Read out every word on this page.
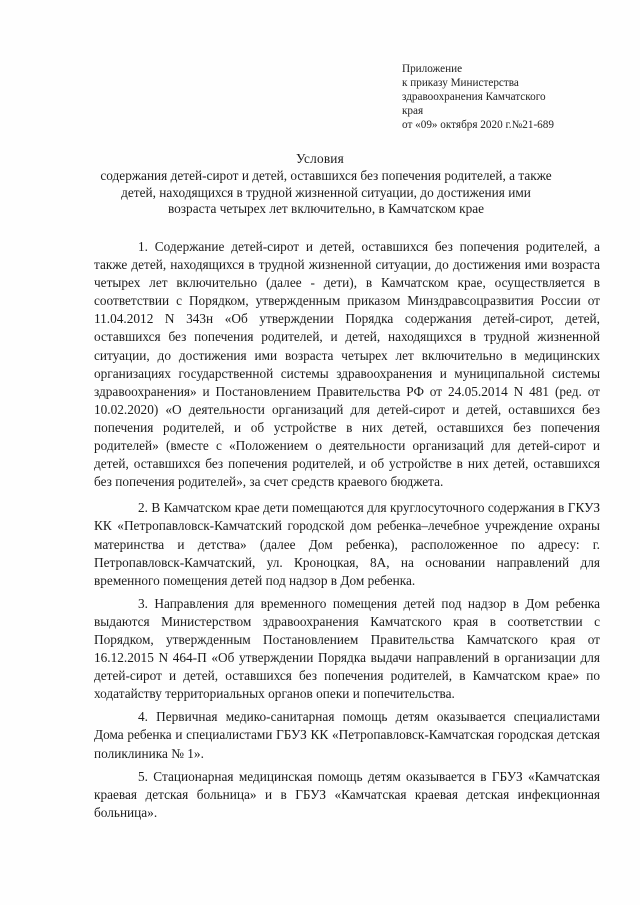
Приложение
к приказу Министерства
здравоохранения Камчатского
края
от «09» октября 2020 г.№21-689
Условия
содержания детей-сирот и детей, оставшихся без попечения родителей, а также детей, находящихся в трудной жизненной ситуации, до достижения ими возраста четырех лет включительно, в Камчатском крае

1. Содержание детей-сирот и детей, оставшихся без попечения родителей, а также детей, находящихся в трудной жизненной ситуации, до достижения ими возраста четырех лет включительно (далее - дети), в Камчатском крае, осуществляется в соответствии с Порядком, утвержденным приказом Минздравсоцразвития России от 11.04.2012 N 343н «Об утверждении Порядка содержания детей-сирот, детей, оставшихся без попечения родителей, и детей, находящихся в трудной жизненной ситуации, до достижения ими возраста четырех лет включительно в медицинских организациях государственной системы здравоохранения и муниципальной системы здравоохранения» и Постановлением Правительства РФ от 24.05.2014 N 481 (ред. от 10.02.2020) «О деятельности организаций для детей-сирот и детей, оставшихся без попечения родителей, и об устройстве в них детей, оставшихся без попечения родителей» (вместе с «Положением о деятельности организаций для детей-сирот и детей, оставшихся без попечения родителей, и об устройстве в них детей, оставшихся без попечения родителей», за счет средств краевого бюджета.

2. В Камчатском крае дети помещаются для круглосуточного содержания в ГКУЗ КК «Петропавловск-Камчатский городской дом ребенка–лечебное учреждение охраны материнства и детства» (далее Дом ребенка), расположенное по адресу: г. Петропавловск-Камчатский, ул. Кроноцкая, 8А, на основании направлений для временного помещения детей под надзор в Дом ребенка.

3. Направления для временного помещения детей под надзор в Дом ребенка выдаются Министерством здравоохранения Камчатского края в соответствии с Порядком, утвержденным Постановлением Правительства Камчатского края от 16.12.2015 N 464-П «Об утверждении Порядка выдачи направлений в организации для детей-сирот и детей, оставшихся без попечения родителей, в Камчатском крае» по ходатайству территориальных органов опеки и попечительства.

4. Первичная медико-санитарная помощь детям оказывается специалистами Дома ребенка и специалистами ГБУЗ КК «Петропавловск-Камчатская городская детская поликлиника № 1».

5. Стационарная медицинская помощь детям оказывается в ГБУЗ «Камчатская краевая детская больница» и в ГБУЗ «Камчатская краевая детская инфекционная больница».
